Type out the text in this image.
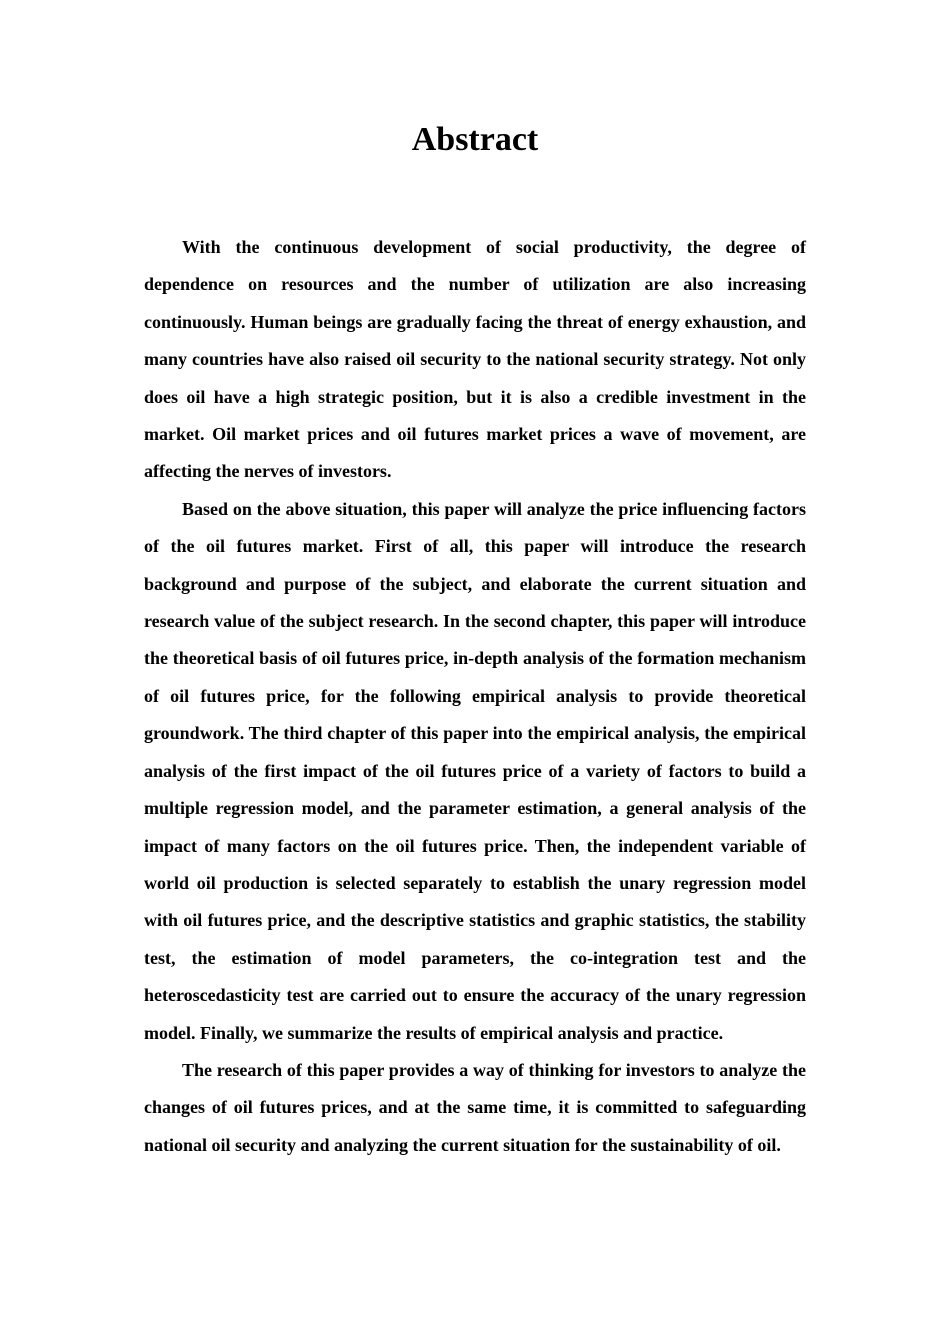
Abstract

With the continuous development of social productivity, the degree of dependence on resources and the number of utilization are also increasing continuously. Human beings are gradually facing the threat of energy exhaustion, and many countries have also raised oil security to the national security strategy. Not only does oil have a high strategic position, but it is also a credible investment in the market. Oil market prices and oil futures market prices a wave of movement, are affecting the nerves of investors.

Based on the above situation, this paper will analyze the price influencing factors of the oil futures market. First of all, this paper will introduce the research background and purpose of the subject, and elaborate the current situation and research value of the subject research. In the second chapter, this paper will introduce the theoretical basis of oil futures price, in-depth analysis of the formation mechanism of oil futures price, for the following empirical analysis to provide theoretical groundwork. The third chapter of this paper into the empirical analysis, the empirical analysis of the first impact of the oil futures price of a variety of factors to build a multiple regression model, and the parameter estimation, a general analysis of the impact of many factors on the oil futures price. Then, the independent variable of world oil production is selected separately to establish the unary regression model with oil futures price, and the descriptive statistics and graphic statistics, the stability test, the estimation of model parameters, the co-integration test and the heteroscedasticity test are carried out to ensure the accuracy of the unary regression model. Finally, we summarize the results of empirical analysis and practice.

The research of this paper provides a way of thinking for investors to analyze the changes of oil futures prices, and at the same time, it is committed to safeguarding national oil security and analyzing the current situation for the sustainability of oil.
